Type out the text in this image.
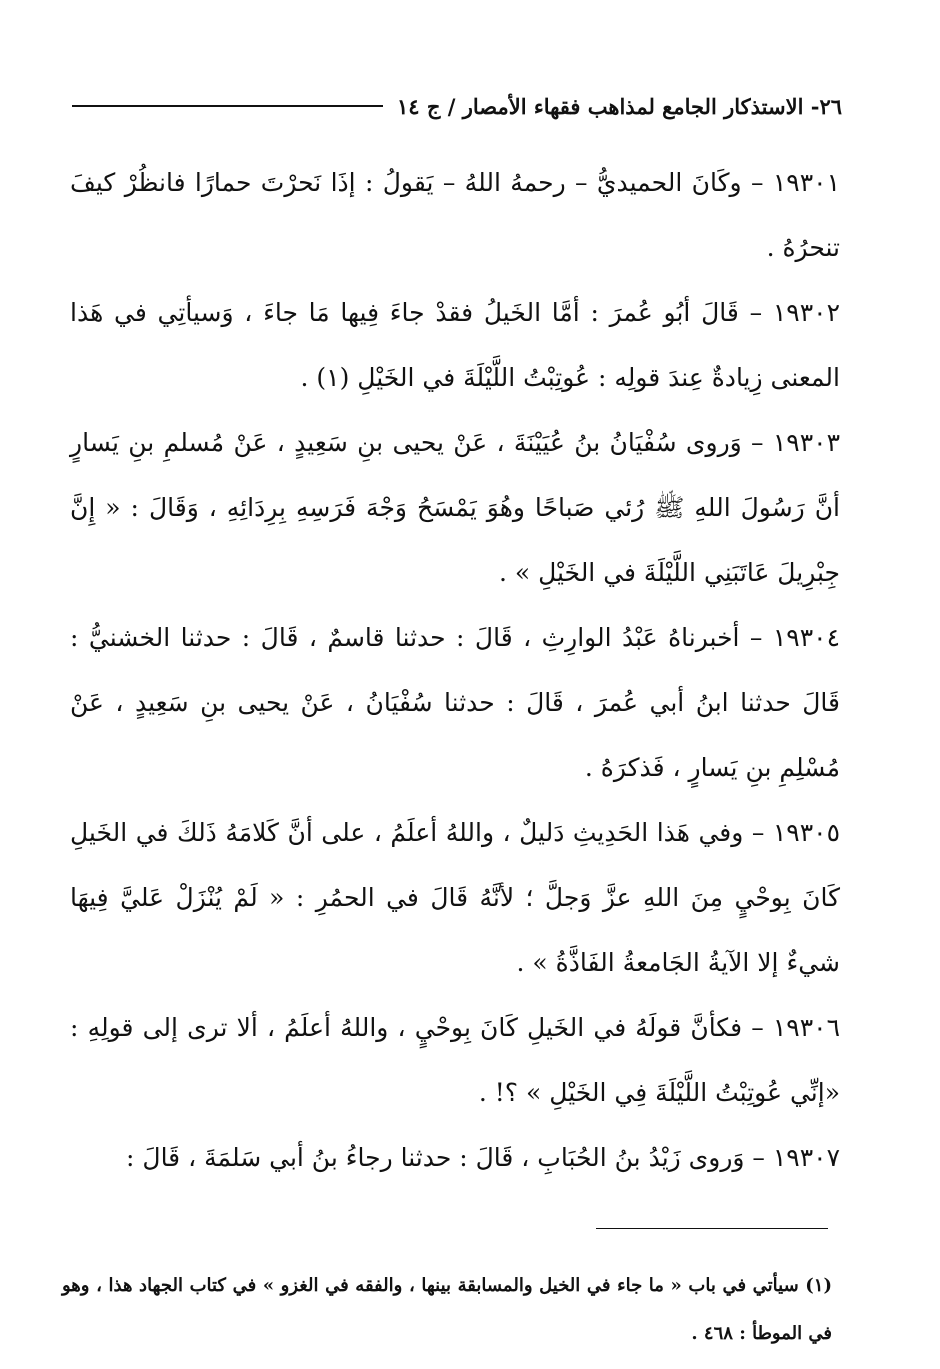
٢٦- الاستذكار الجامع لمذاهب فقهاء الأمصار / ج ١٤

١٩٣٠١ – وكَانَ الحميديُّ – رحمهُ اللهُ – يَقولُ : إذَا نَحرْتَ حمارًا فانظُرْ كيفَ تنحرُهُ .

١٩٣٠٢ – قَالَ أبُو عُمرَ : أمَّا الخَيلُ فقدْ جاءَ فِيها مَا جاءَ ، وَسيأتِي في هَذا المعنى زِيادةٌ عِندَ قولِه : عُوتِبْتُ اللَّيْلَةَ في الخَيْلِ (١) .

١٩٣٠٣ – وَروى سُفْيَانُ بنُ عُيَيْنَةَ ، عَنْ يحيى بنِ سَعِيدٍ ، عَنْ مُسلمِ بنِ يَسارٍ أنَّ رَسُولَ اللهِ ﷺ رُئي صَباحًا وهُوَ يَمْسَحُ وَجْهَ فَرَسِهِ بِرِدَائِهِ ، وَقَالَ : « إِنَّ جِبْرِيلَ عَاتَبَنِي اللَّيْلَةَ في الخَيْلِ » .

١٩٣٠٤ – أخبرناهُ عَبْدُ الوارِثِ ، قَالَ : حدثنا قاسمٌ ، قَالَ : حدثنا الخشنيُّ : قَالَ حدثنا ابنُ أبي عُمرَ ، قَالَ : حدثنا سُفْيَانُ ، عَنْ يحيى بنِ سَعِيدٍ ، عَنْ مُسْلِمِ بنِ يَسارٍ ، فَذكرَهُ .

١٩٣٠٥ – وفي هَذا الحَدِيثِ دَليلٌ ، واللهُ أعلَمُ ، على أنَّ كَلامَهُ ذَلكَ في الخَيلِ كَانَ بِوحْيٍ مِنَ اللهِ عزَّ وَجلَّ ؛ لأنَّهُ قَالَ في الحمُرِ : « لَمْ يُنْزَلْ عَليَّ فِيهَا شيءٌ إلا الآيةُ الجَامعةُ الفَاذَّةُ » .

١٩٣٠٦ – فكأنَّ قولَهُ في الخَيلِ كَانَ بِوحْيٍ ، واللهُ أعلَمُ ، ألا ترى إلى قولِهِ : «إنِّي عُوتِبْتُ اللَّيْلَةَ فِي الخَيْلِ » ؟! .

١٩٣٠٧ – وَروى زَيْدُ بنُ الحُبَابِ ، قَالَ : حدثنا رجاءُ بنُ أبي سَلمَةَ ، قَالَ :

(١) سيأتي في باب « ما جاء في الخيل والمسابقة بينها ، والفقه في الغزو » في كتاب الجهاد هذا ، وهو في الموطأ : ٤٦٨ .
